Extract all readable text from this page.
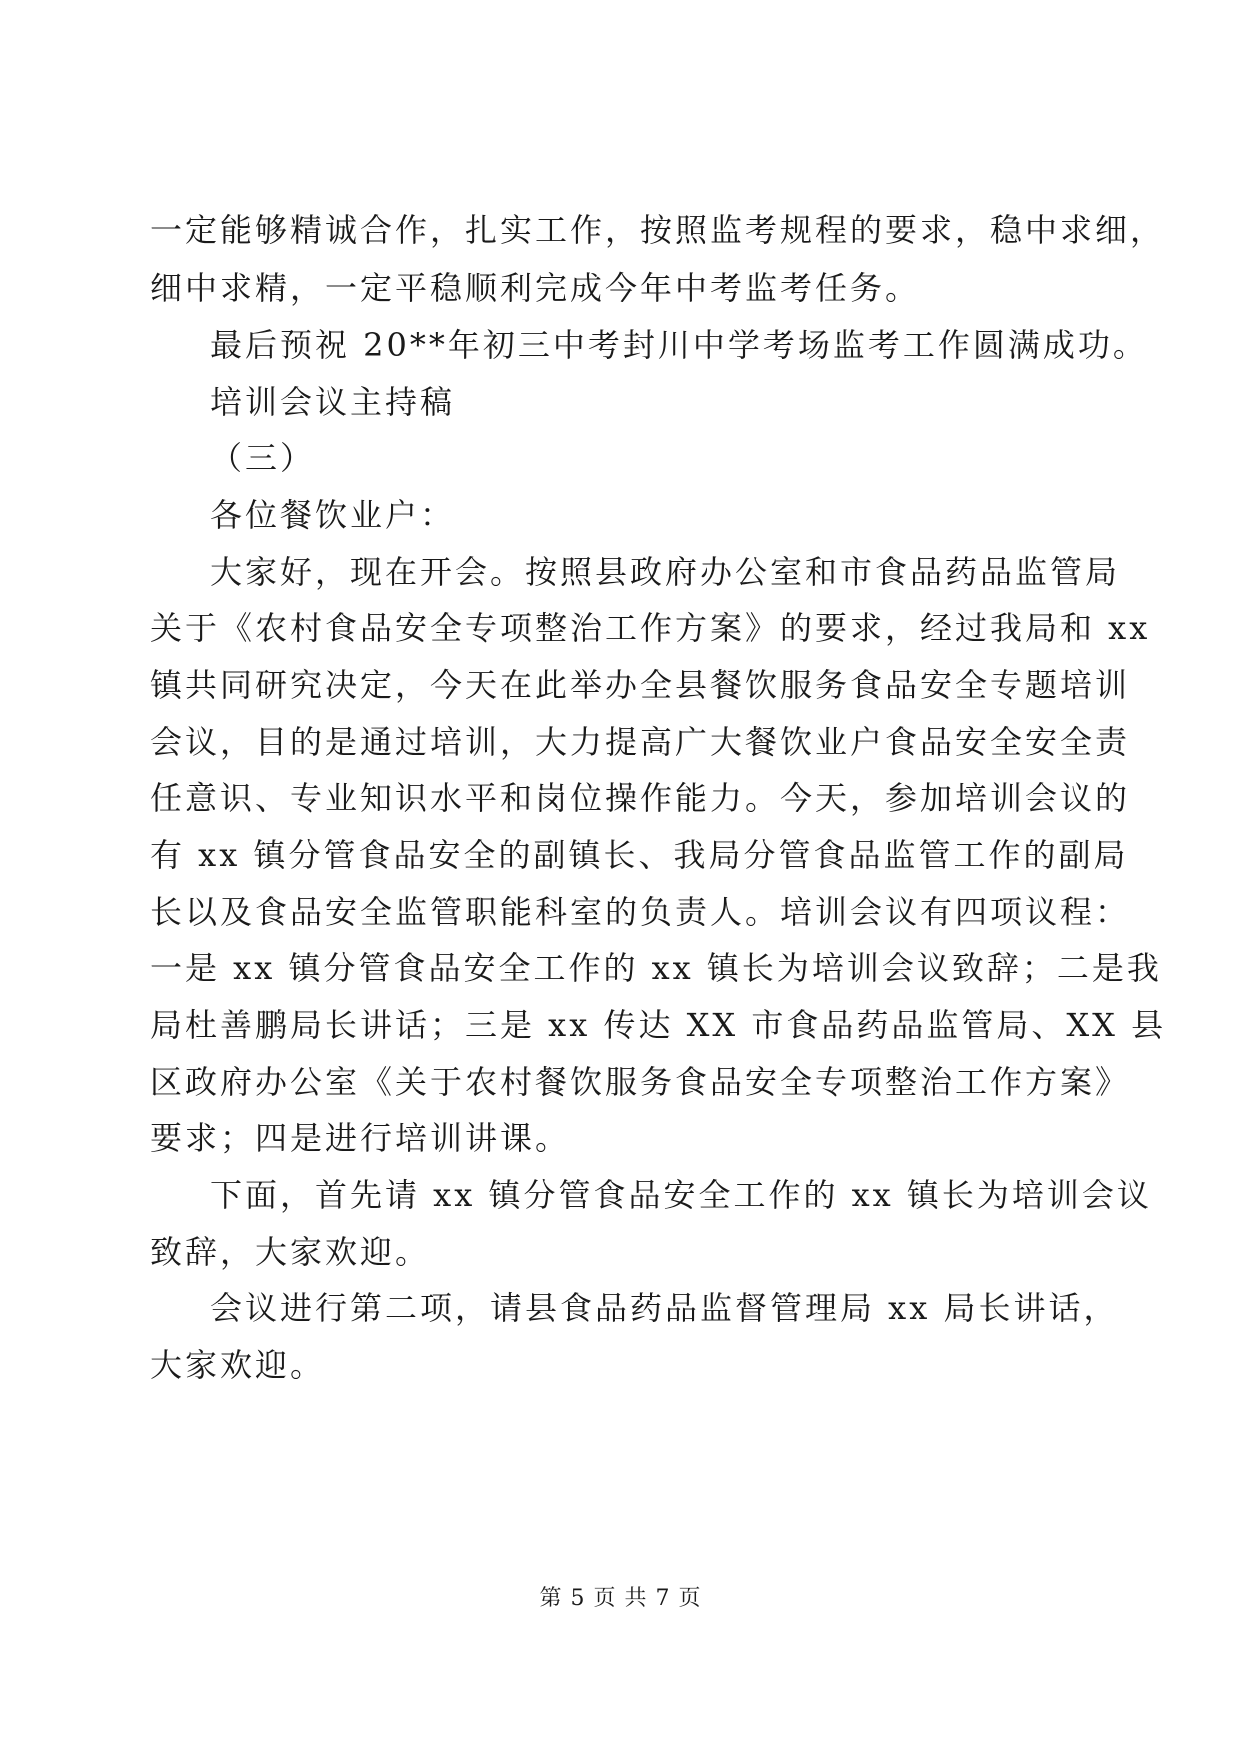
一定能够精诚合作，扎实工作，按照监考规程的要求，稳中求细，
细中求精，一定平稳顺利完成今年中考监考任务。
最后预祝 20**年初三中考封川中学考场监考工作圆满成功。
培训会议主持稿
（三）
各位餐饮业户：
大家好，现在开会。按照县政府办公室和市食品药品监管局
关于《农村食品安全专项整治工作方案》的要求，经过我局和 xx
镇共同研究决定，今天在此举办全县餐饮服务食品安全专题培训
会议，目的是通过培训，大力提高广大餐饮业户食品安全安全责
任意识、专业知识水平和岗位操作能力。今天，参加培训会议的
有 xx 镇分管食品安全的副镇长、我局分管食品监管工作的副局
长以及食品安全监管职能科室的负责人。培训会议有四项议程：
一是 xx 镇分管食品安全工作的 xx 镇长为培训会议致辞；二是我
局杜善鹏局长讲话；三是 xx 传达 XX 市食品药品监管局、XX 县
区政府办公室《关于农村餐饮服务食品安全专项整治工作方案》
要求；四是进行培训讲课。
下面，首先请 xx 镇分管食品安全工作的 xx 镇长为培训会议
致辞，大家欢迎。
会议进行第二项，请县食品药品监督管理局 xx 局长讲话，
大家欢迎。
第 5 页 共 7 页
